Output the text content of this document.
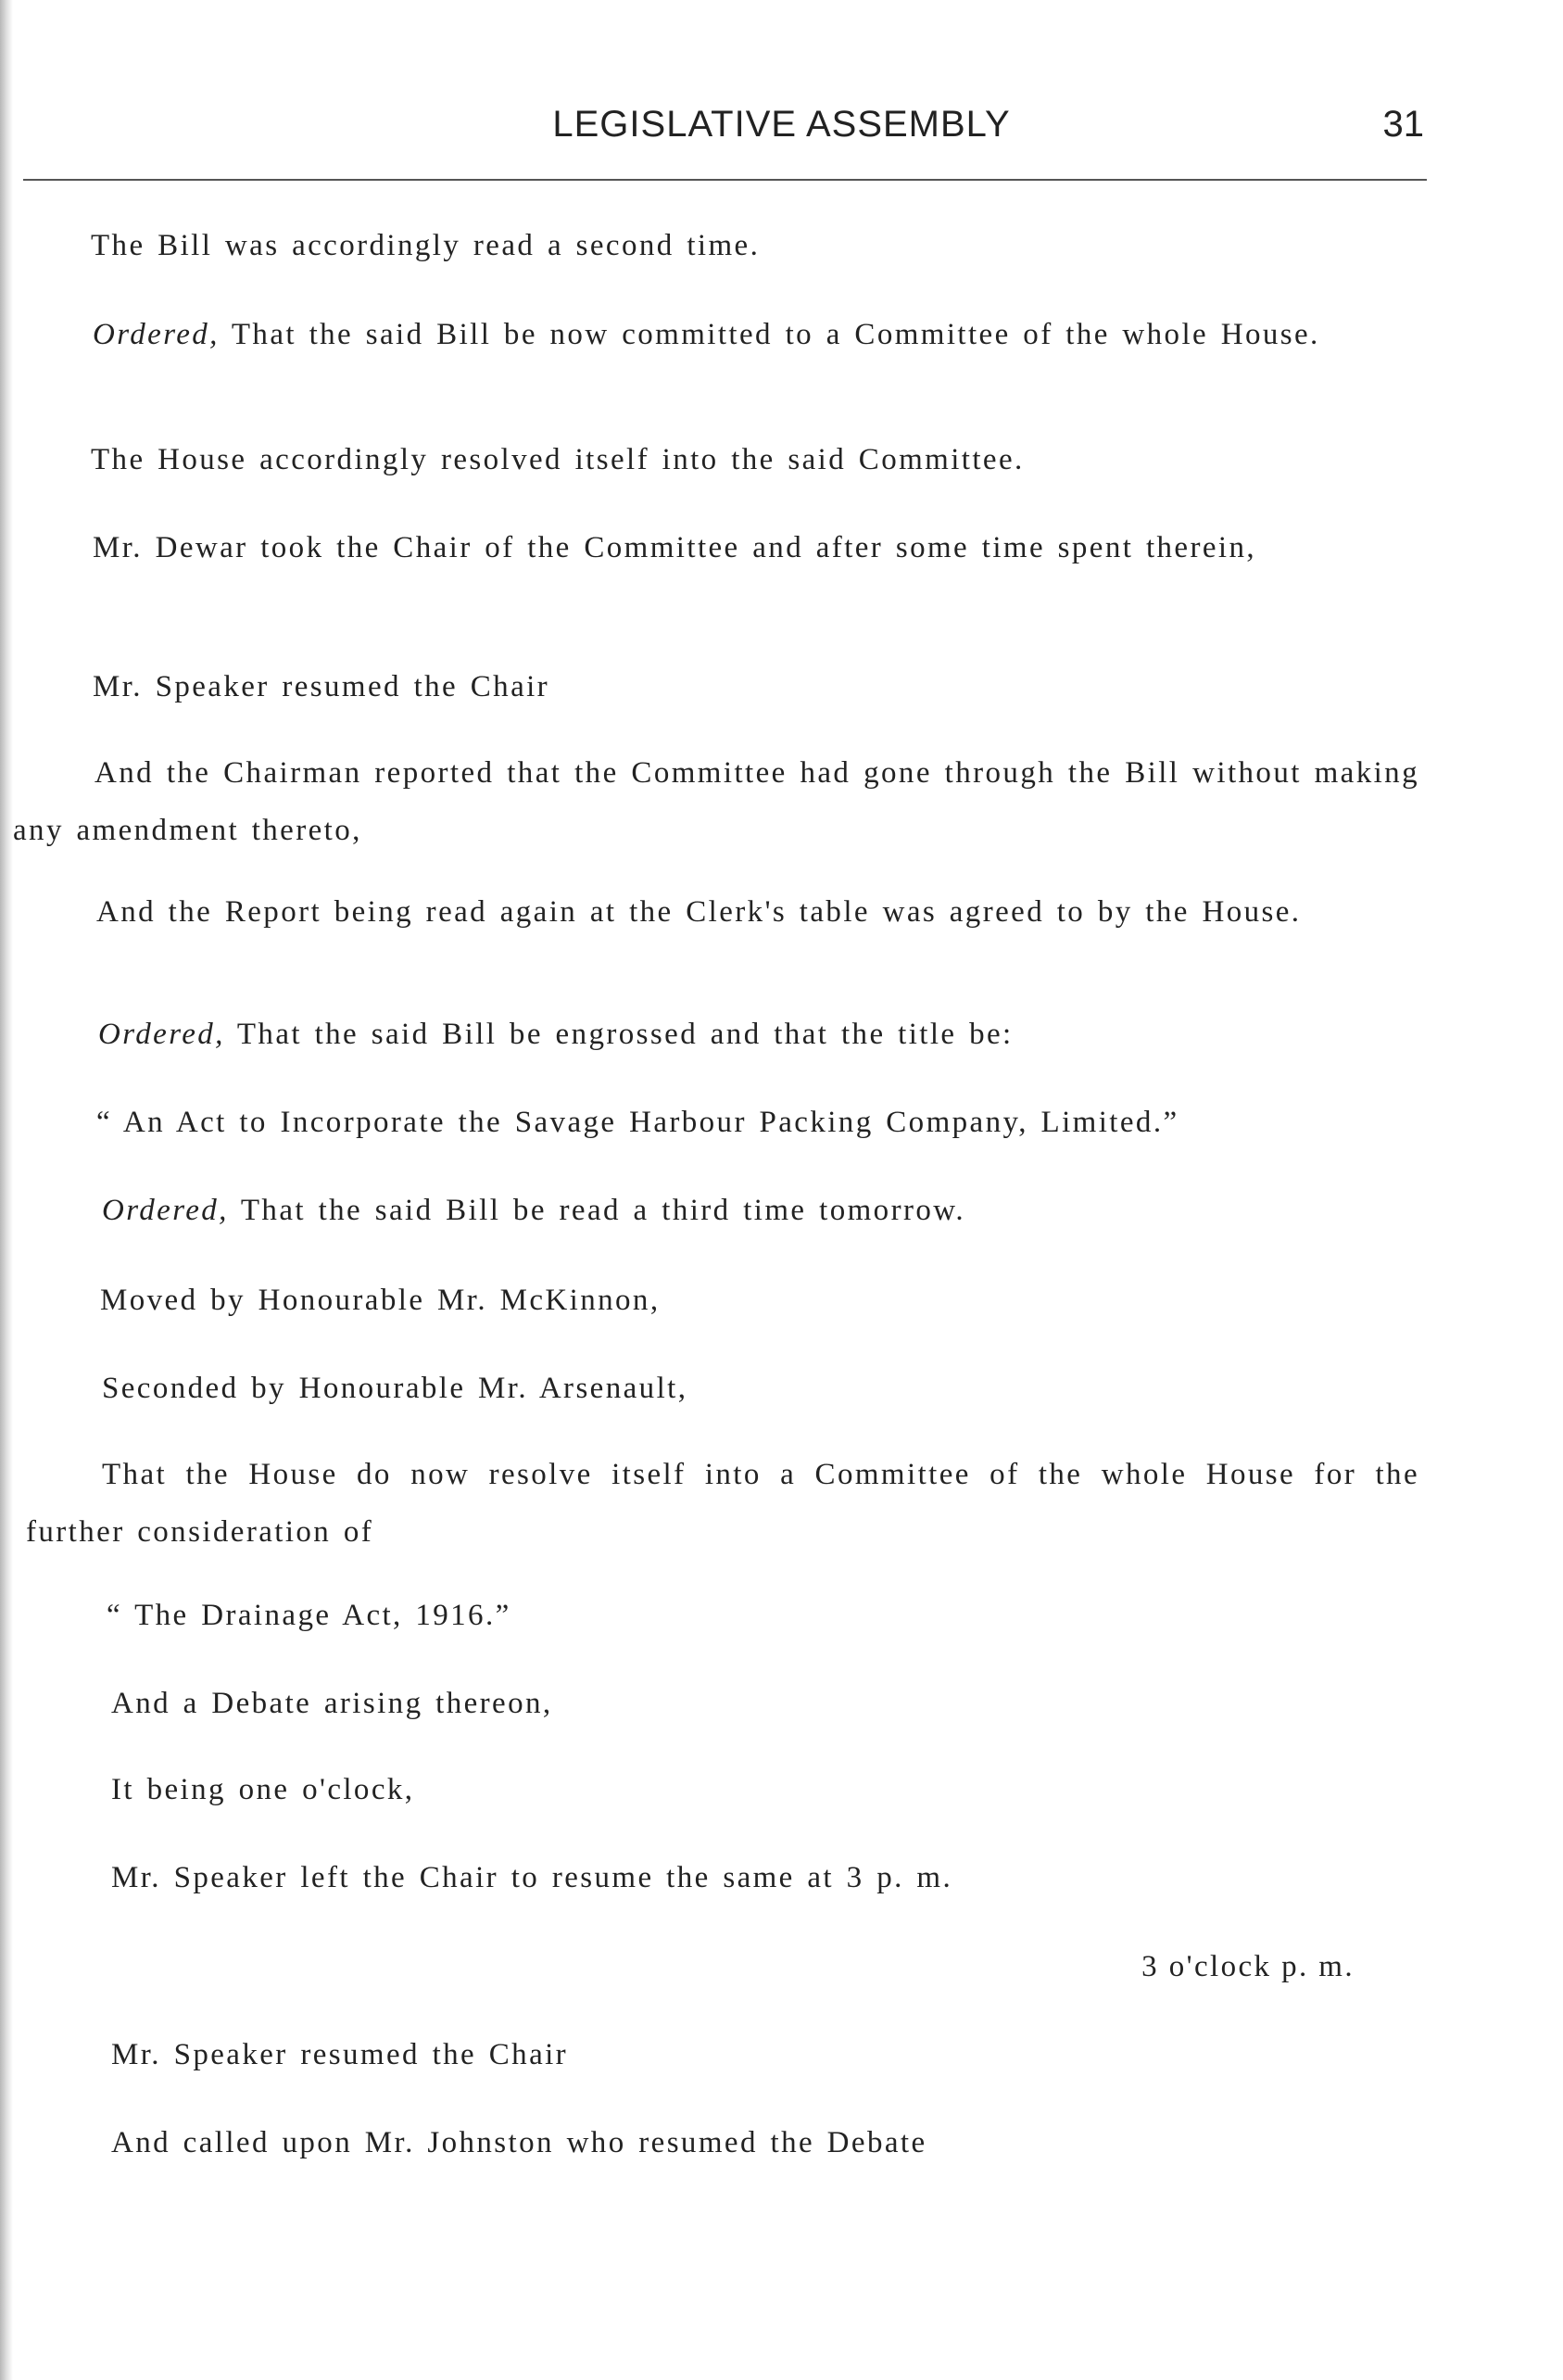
LEGISLATIVE ASSEMBLY	31
The Bill was accordingly read a second time.
Ordered, That the said Bill be now committed to a Committee of the whole House.
The House accordingly resolved itself into the said Committee.
Mr. Dewar took the Chair of the Committee and after some time spent therein,
Mr. Speaker resumed the Chair
And the Chairman reported that the Committee had gone through the Bill without making any amendment thereto,
And the Report being read again at the Clerk's table was agreed to by the House.
Ordered, That the said Bill be engrossed and that the title be:
“ An Act to Incorporate the Savage Harbour Packing Company, Limited.”
Ordered, That the said Bill be read a third time tomorrow.
Moved by Honourable Mr. McKinnon,
Seconded by Honourable Mr. Arsenault,
That the House do now resolve itself into a Committee of the whole House for the further consideration of
“ The Drainage Act, 1916.”
And a Debate arising thereon,
It being one o'clock,
Mr. Speaker left the Chair to resume the same at 3 p. m.
3 o'clock p. m.
Mr. Speaker resumed the Chair
And called upon Mr. Johnston who resumed the Debate
